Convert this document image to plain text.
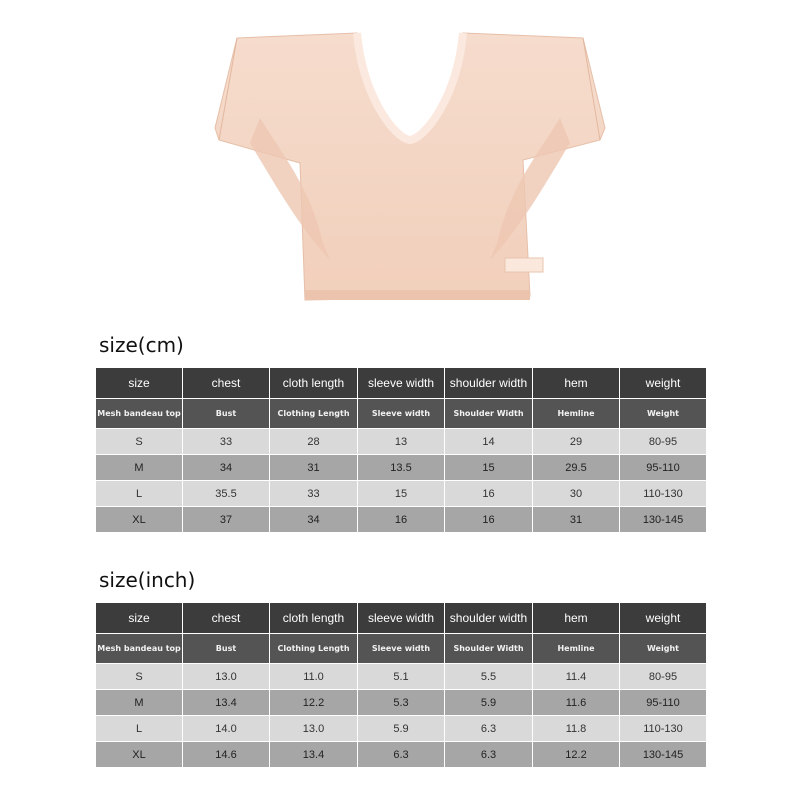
size(cm)
size	chest	cloth length	sleeve width	shoulder width	hem	weight
Mesh bandeau top	Bust	Clothing Length	Sleeve width	Shoulder Width	Hemline	Weight
S	33	28	13	14	29	80-95
M	34	31	13.5	15	29.5	95-110
L	35.5	33	15	16	30	110-130
XL	37	34	16	16	31	130-145
size(inch)
size	chest	cloth length	sleeve width	shoulder width	hem	weight
Mesh bandeau top	Bust	Clothing Length	Sleeve width	Shoulder Width	Hemline	Weight
S	13.0	11.0	5.1	5.5	11.4	80-95
M	13.4	12.2	5.3	5.9	11.6	95-110
L	14.0	13.0	5.9	6.3	11.8	110-130
XL	14.6	13.4	6.3	6.3	12.2	130-145
